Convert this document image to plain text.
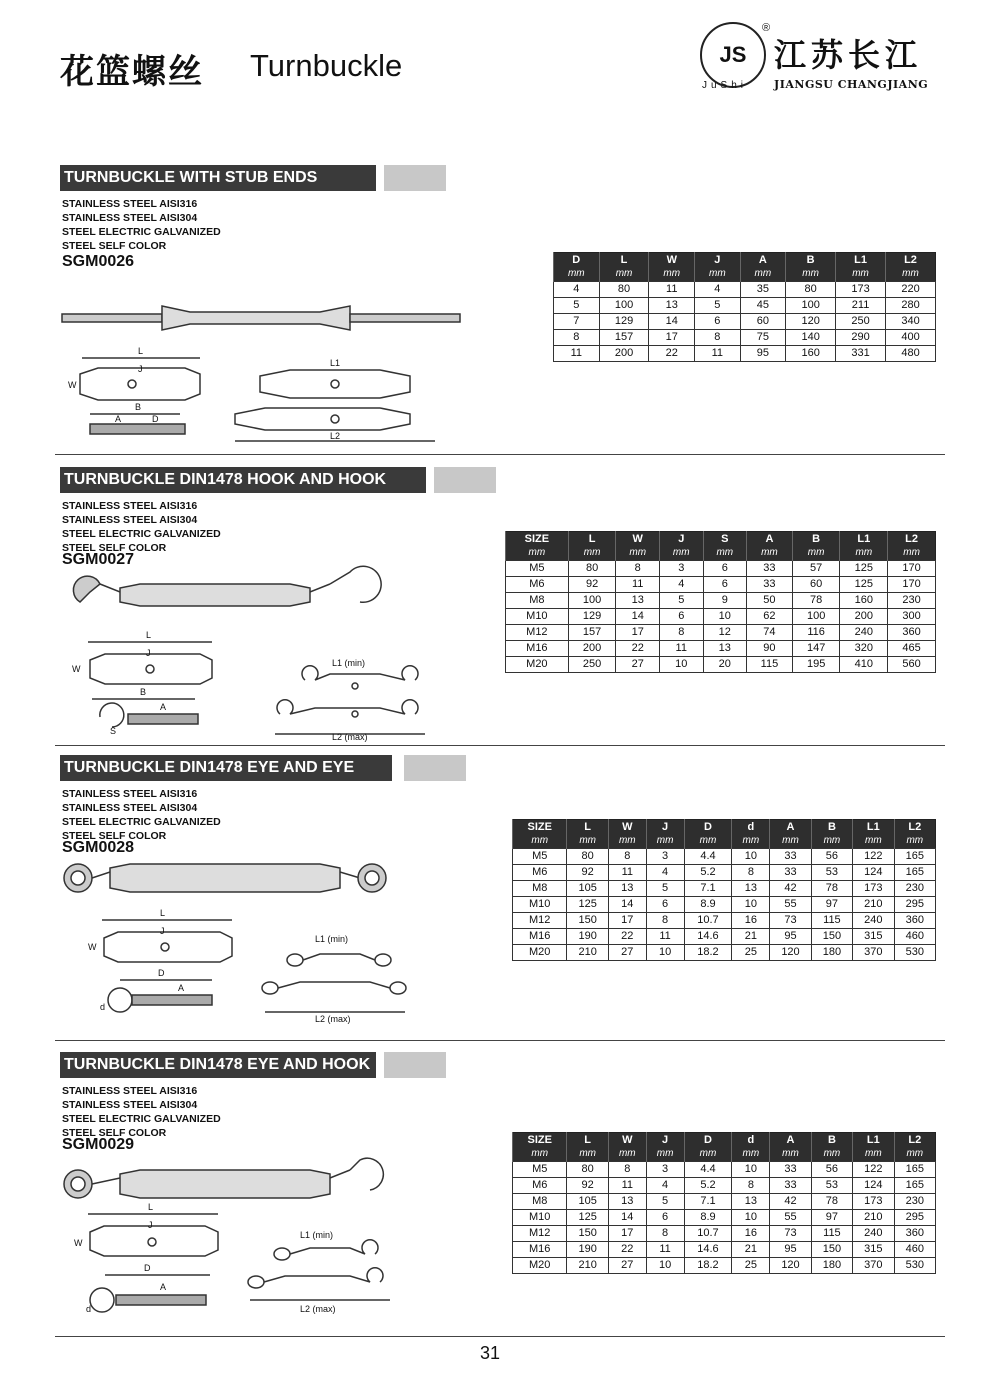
花篮螺丝 Turnbuckle	JS
®
江苏长江
JIANGSU CHANGJIANG
JuShi
TURNBUCKLE WITH STUB ENDS
STAINLESS STEEL AISI316
STAINLESS STEEL AISI304
STEEL ELECTRIC GALVANIZED
STEEL SELF COLOR
SGM0026
L
W
J
B
A	D
L1
L2
D	L	W	J	A	B	L1	L2
mm	mm	mm	mm	mm	mm	mm	mm
4	80	11	4	35	80	173	220
5	100	13	5	45	100	211	280
7	129	14	6	60	120	250	340
8	157	17	8	75	140	290	400
11	200	22	11	95	160	331	480
TURNBUCKLE DIN1478 HOOK AND HOOK
STAINLESS STEEL AISI316
STAINLESS STEEL AISI304
STEEL ELECTRIC GALVANIZED
STEEL SELF COLOR
SGM0027
L
W
J
B
A
S
L1 (min)
L2 (max)
SIZE	L	W	J	S	A	B	L1	L2
mm	mm	mm	mm	mm	mm	mm	mm	mm
M5	80	8	3	6	33	57	125	170
M6	92	11	4	6	33	60	125	170
M8	100	13	5	9	50	78	160	230
M10	129	14	6	10	62	100	200	300
M12	157	17	8	12	74	116	240	360
M16	200	22	11	13	90	147	320	465
M20	250	27	10	20	115	195	410	560
TURNBUCKLE DIN1478 EYE AND EYE
STAINLESS STEEL AISI316
STAINLESS STEEL AISI304
STEEL ELECTRIC GALVANIZED
STEEL SELF COLOR
SGM0028
L
W
J
D
A
d
L1 (min)
L2 (max)
SIZE	L	W	J	D	d	A	B	L1	L2
mm	mm	mm	mm	mm	mm	mm	mm	mm	mm
M5	80	8	3	4.4	10	33	56	122	165
M6	92	11	4	5.2	8	33	53	124	165
M8	105	13	5	7.1	13	42	78	173	230
M10	125	14	6	8.9	10	55	97	210	295
M12	150	17	8	10.7	16	73	115	240	360
M16	190	22	11	14.6	21	95	150	315	460
M20	210	27	10	18.2	25	120	180	370	530
TURNBUCKLE DIN1478 EYE AND HOOK
STAINLESS STEEL AISI316
STAINLESS STEEL AISI304
STEEL ELECTRIC GALVANIZED
STEEL SELF COLOR
SGM0029
L
W
J
D
A
d
L1 (min)
L2 (max)
SIZE	L	W	J	D	d	A	B	L1	L2
mm	mm	mm	mm	mm	mm	mm	mm	mm	mm
M5	80	8	3	4.4	10	33	56	122	165
M6	92	11	4	5.2	8	33	53	124	165
M8	105	13	5	7.1	13	42	78	173	230
M10	125	14	6	8.9	10	55	97	210	295
M12	150	17	8	10.7	16	73	115	240	360
M16	190	22	11	14.6	21	95	150	315	460
M20	210	27	10	18.2	25	120	180	370	530
31
